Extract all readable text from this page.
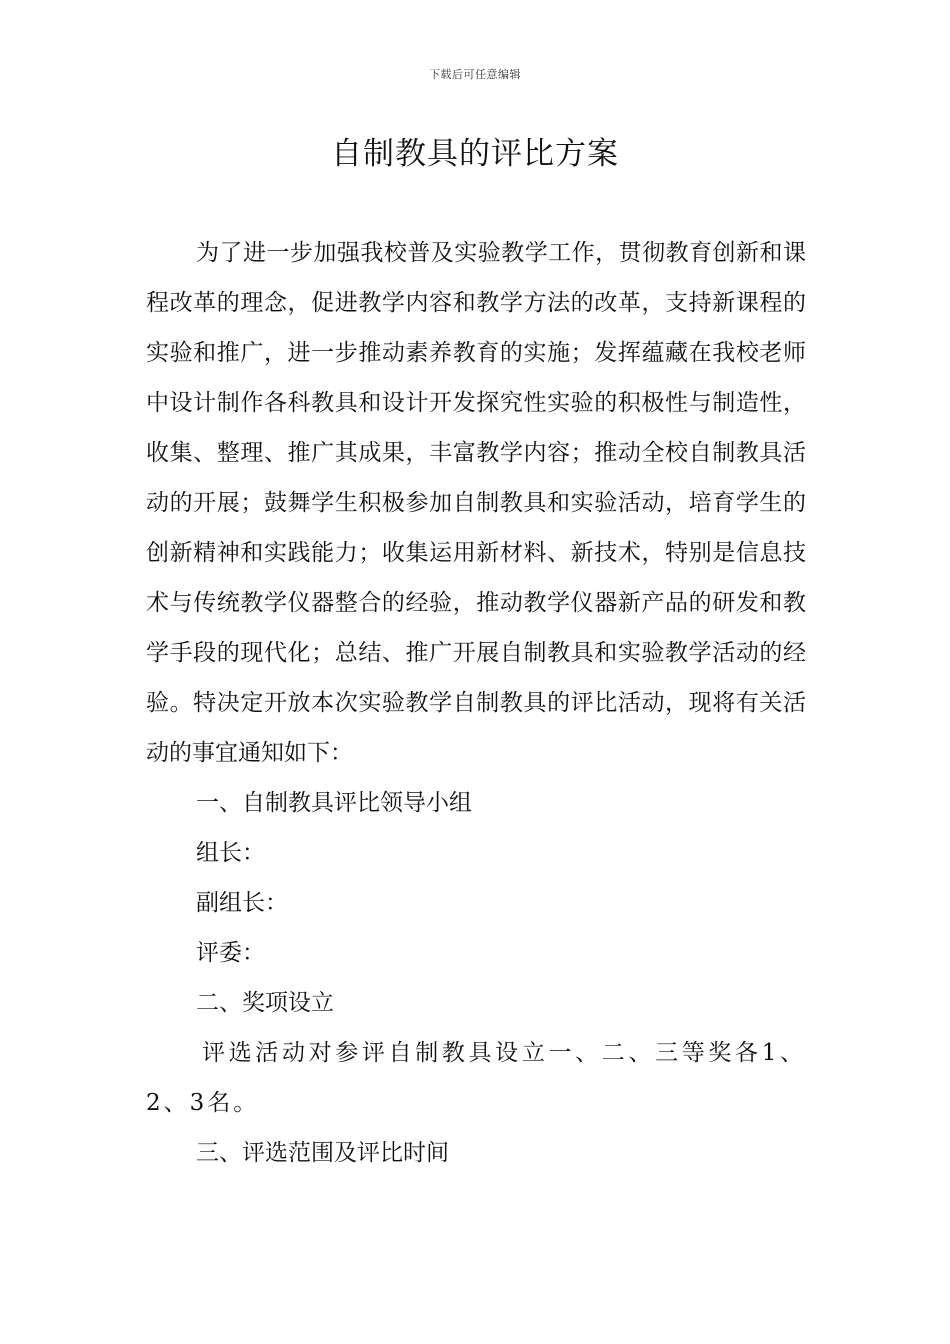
下载后可任意编辑
自制教具的评比方案

为了进一步加强我校普及实验教学工作，贯彻教育创新和课程改革的理念，促进教学内容和教学方法的改革，支持新课程的实验和推广，进一步推动素养教育的实施；发挥蕴藏在我校老师中设计制作各科教具和设计开发探究性实验的积极性与制造性，收集、整理、推广其成果，丰富教学内容；推动全校自制教具活动的开展；鼓舞学生积极参加自制教具和实验活动，培育学生的创新精神和实践能力；收集运用新材料、新技术，特别是信息技术与传统教学仪器整合的经验，推动教学仪器新产品的研发和教学手段的现代化；总结、推广开展自制教具和实验教学活动的经验。特决定开放本次实验教学自制教具的评比活动，现将有关活动的事宜通知如下：

一、自制教具评比领导小组

组长：

副组长：

评委：

二、奖项设立

评选活动对参评自制教具设立一、二、三等奖各1、2、3名。

三、评选范围及评比时间
